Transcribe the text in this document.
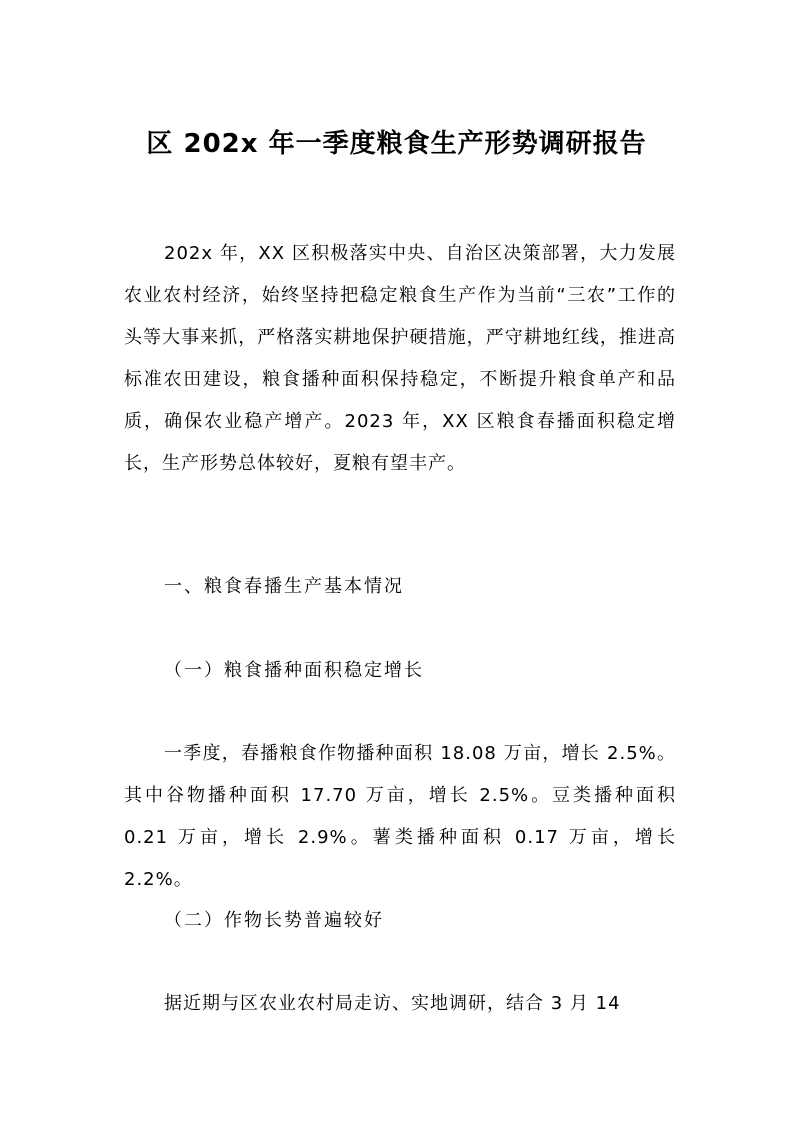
区 202x 年一季度粮食生产形势调研报告
202x 年，XX 区积极落实中央、自治区决策部署，大力发展农业农村经济，始终坚持把稳定粮食生产作为当前“三农”工作的头等大事来抓，严格落实耕地保护硬措施，严守耕地红线，推进高标准农田建设，粮食播种面积保持稳定，不断提升粮食单产和品质，确保农业稳产增产。2023 年，XX 区粮食春播面积稳定增长，生产形势总体较好，夏粮有望丰产。
一、粮食春播生产基本情况
（一）粮食播种面积稳定增长
一季度，春播粮食作物播种面积 18.08 万亩，增长 2.5%。其中谷物播种面积 17.70 万亩，增长 2.5%。豆类播种面积 0.21 万亩，增长 2.9%。薯类播种面积 0.17 万亩，增长 2.2%。
（二）作物长势普遍较好
据近期与区农业农村局走访、实地调研，结合 3 月 14
